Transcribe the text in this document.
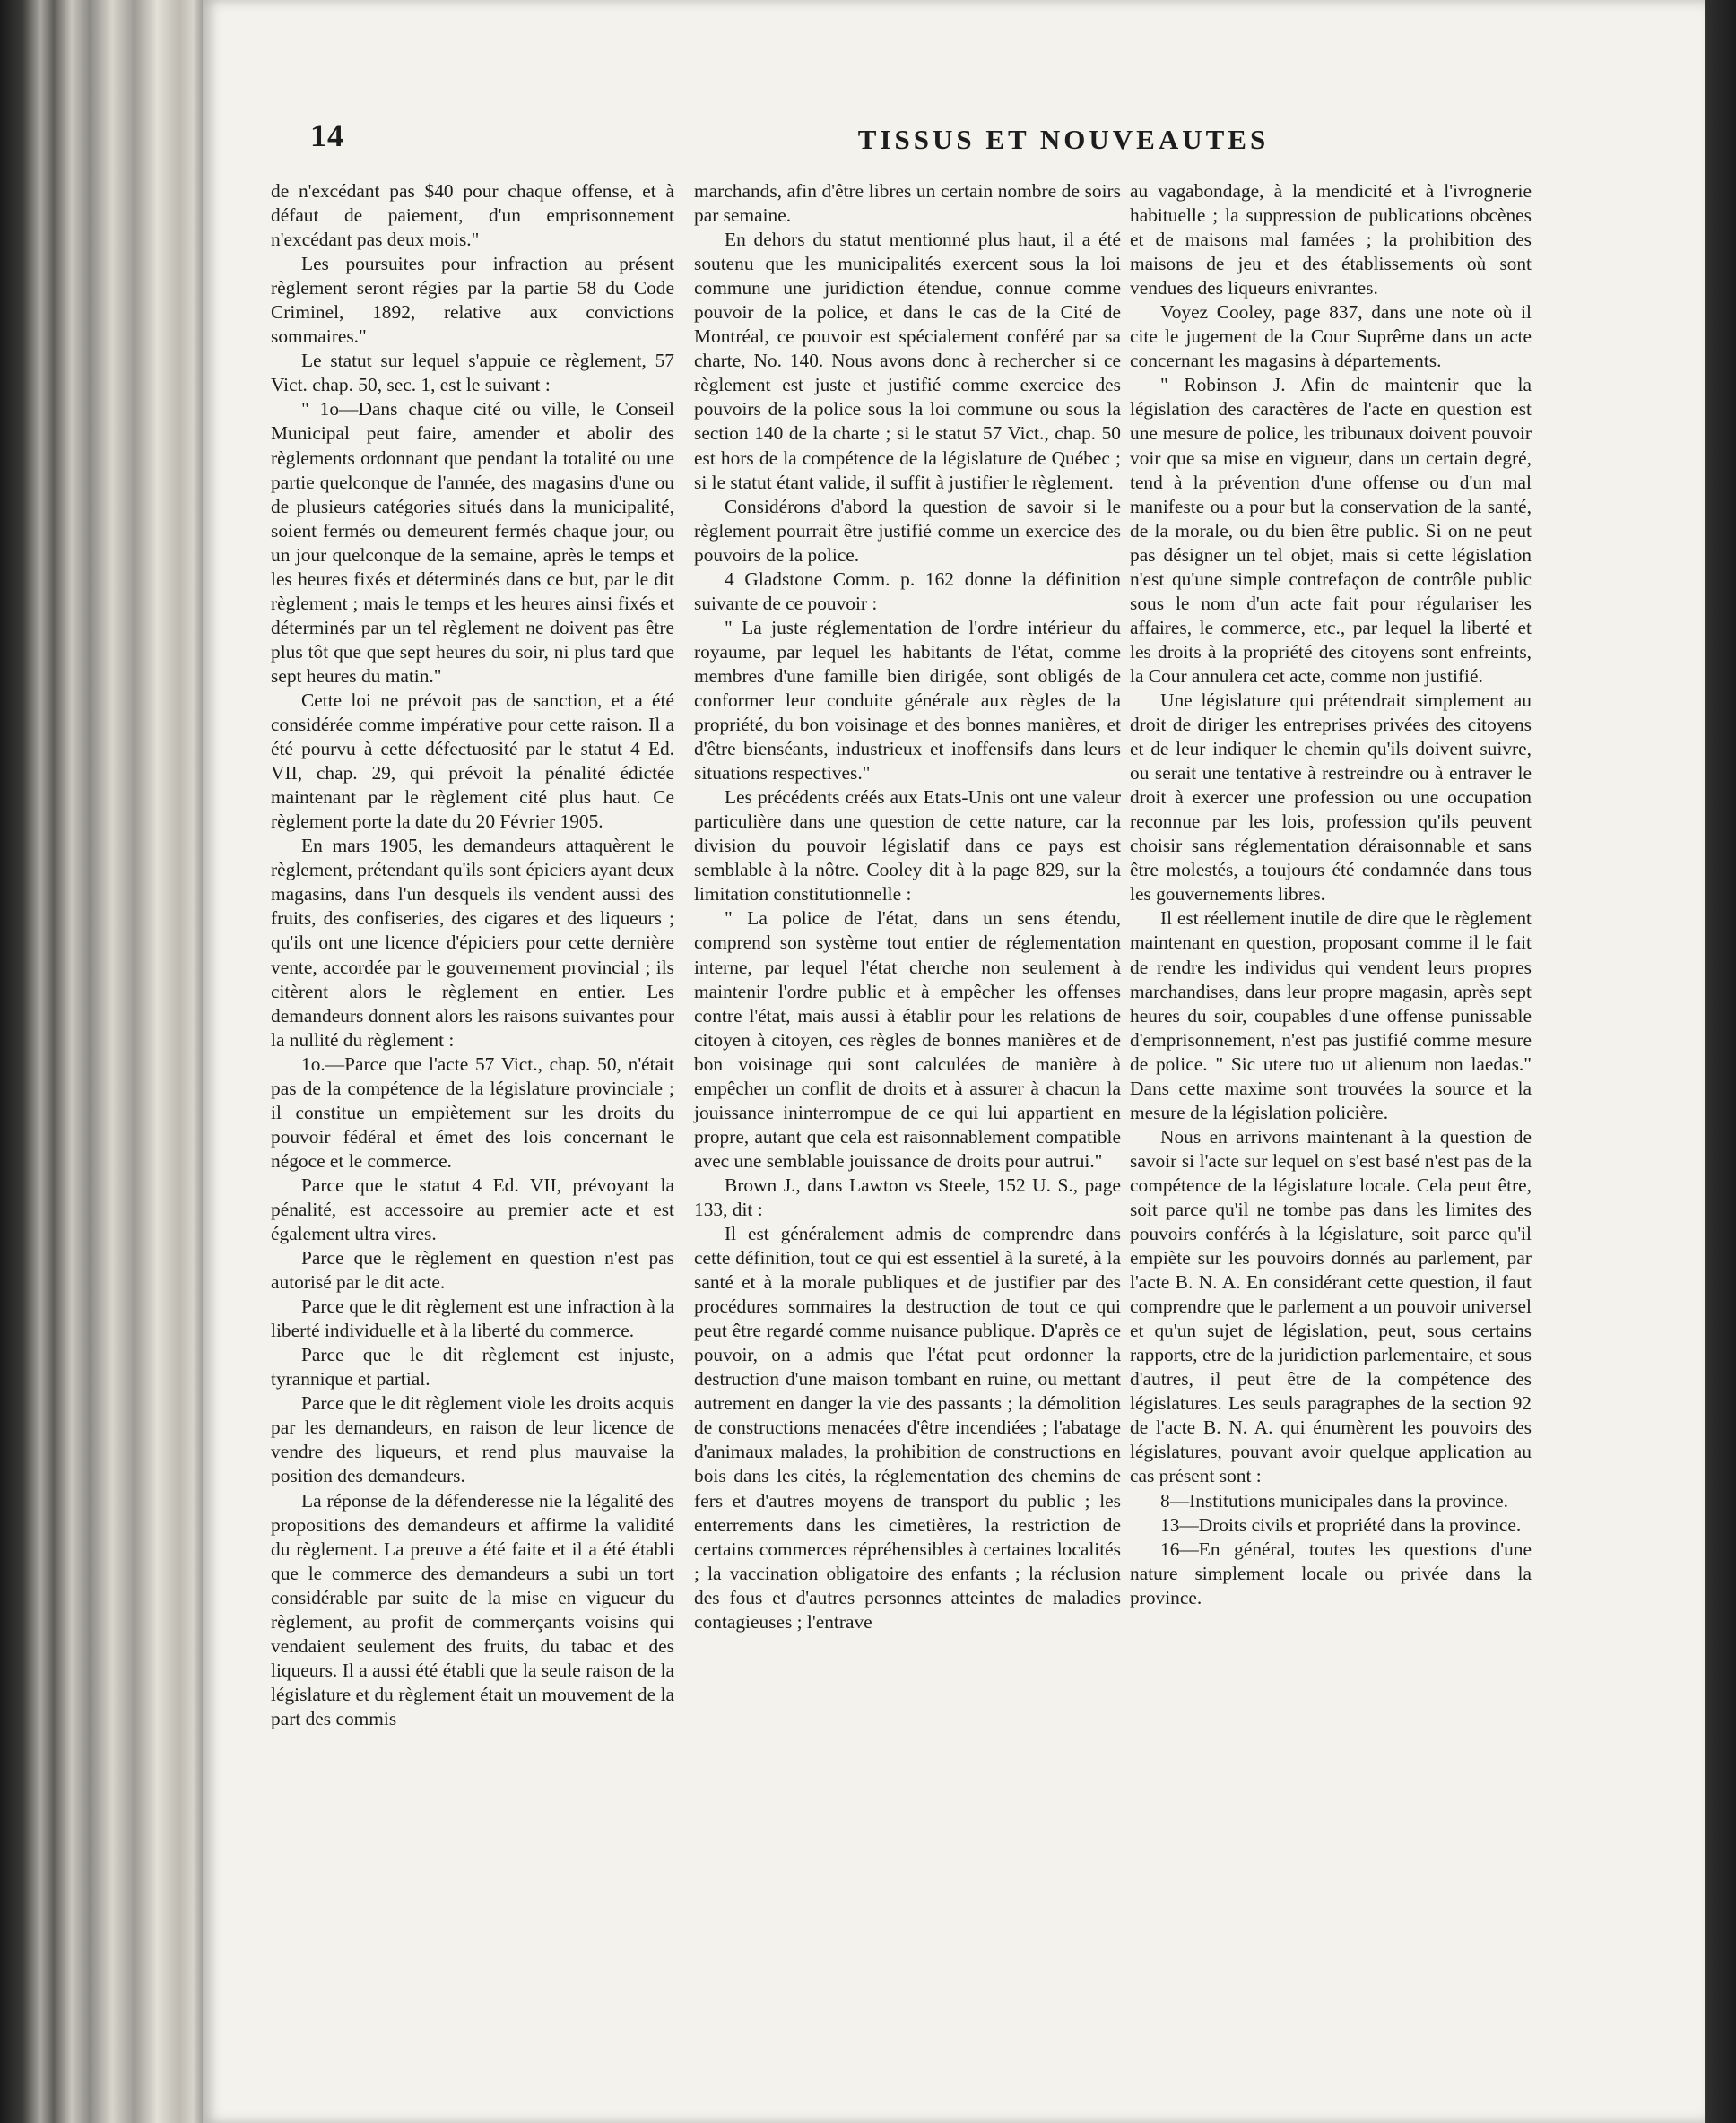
14	TISSUS ET NOUVEAUTES

de n'excédant pas $40 pour chaque offense, et à défaut de paiement, d'un emprisonnement n'excédant pas deux mois."

Les poursuites pour infraction au présent règlement seront régies par la partie 58 du Code Criminel, 1892, relative aux convictions sommaires."

Le statut sur lequel s'appuie ce règlement, 57 Vict. chap. 50, sec. 1, est le suivant :

" 1o—Dans chaque cité ou ville, le Conseil Municipal peut faire, amender et abolir des règlements ordonnant que pendant la totalité ou une partie quelconque de l'année, des magasins d'une ou de plusieurs catégories situés dans la municipalité, soient fermés ou demeurent fermés chaque jour, ou un jour quelconque de la semaine, après le temps et les heures fixés et déterminés dans ce but, par le dit règlement ; mais le temps et les heures ainsi fixés et déterminés par un tel règlement ne doivent pas être plus tôt que que sept heures du soir, ni plus tard que sept heures du matin."

Cette loi ne prévoit pas de sanction, et a été considérée comme impérative pour cette raison. Il a été pourvu à cette défectuosité par le statut 4 Ed. VII, chap. 29, qui prévoit la pénalité édictée maintenant par le règlement cité plus haut. Ce règlement porte la date du 20 Février 1905.

En mars 1905, les demandeurs attaquèrent le règlement, prétendant qu'ils sont épiciers ayant deux magasins, dans l'un desquels ils vendent aussi des fruits, des confiseries, des cigares et des liqueurs ; qu'ils ont une licence d'épiciers pour cette dernière vente, accordée par le gouvernement provincial ; ils citèrent alors le règlement en entier. Les demandeurs donnent alors les raisons suivantes pour la nullité du règlement :

1o.—Parce que l'acte 57 Vict., chap. 50, n'était pas de la compétence de la législature provinciale ; il constitue un empiètement sur les droits du pouvoir fédéral et émet des lois concernant le négoce et le commerce.

Parce que le statut 4 Ed. VII, prévoyant la pénalité, est accessoire au premier acte et est également ultra vires.

Parce que le règlement en question n'est pas autorisé par le dit acte.

Parce que le dit règlement est une infraction à la liberté individuelle et à la liberté du commerce.

Parce que le dit règlement est injuste, tyrannique et partial.

Parce que le dit règlement viole les droits acquis par les demandeurs, en raison de leur licence de vendre des liqueurs, et rend plus mauvaise la position des demandeurs.

La réponse de la défenderesse nie la légalité des propositions des demandeurs et affirme la validité du règlement. La preuve a été faite et il a été établi que le commerce des demandeurs a subi un tort considérable par suite de la mise en vigueur du règlement, au profit de commerçants voisins qui vendaient seulement des fruits, du tabac et des liqueurs. Il a aussi été établi que la seule raison de la législature et du règlement était un mouvement de la part des commis

marchands, afin d'être libres un certain nombre de soirs par semaine.

En dehors du statut mentionné plus haut, il a été soutenu que les municipalités exercent sous la loi commune une juridiction étendue, connue comme pouvoir de la police, et dans le cas de la Cité de Montréal, ce pouvoir est spécialement conféré par sa charte, No. 140. Nous avons donc à rechercher si ce règlement est juste et justifié comme exercice des pouvoirs de la police sous la loi commune ou sous la section 140 de la charte ; si le statut 57 Vict., chap. 50 est hors de la compétence de la législature de Québec ; si le statut étant valide, il suffit à justifier le règlement.

Considérons d'abord la question de savoir si le règlement pourrait être justifié comme un exercice des pouvoirs de la police.

4 Gladstone Comm. p. 162 donne la définition suivante de ce pouvoir :

" La juste réglementation de l'ordre intérieur du royaume, par lequel les habitants de l'état, comme membres d'une famille bien dirigée, sont obligés de conformer leur conduite générale aux règles de la propriété, du bon voisinage et des bonnes manières, et d'être bienséants, industrieux et inoffensifs dans leurs situations respectives."

Les précédents créés aux Etats-Unis ont une valeur particulière dans une question de cette nature, car la division du pouvoir législatif dans ce pays est semblable à la nôtre. Cooley dit à la page 829, sur la limitation constitutionnelle :

" La police de l'état, dans un sens étendu, comprend son système tout entier de réglementation interne, par lequel l'état cherche non seulement à maintenir l'ordre public et à empêcher les offenses contre l'état, mais aussi à établir pour les relations de citoyen à citoyen, ces règles de bonnes manières et de bon voisinage qui sont calculées de manière à empêcher un conflit de droits et à assurer à chacun la jouissance ininterrompue de ce qui lui appartient en propre, autant que cela est raisonnablement compatible avec une semblable jouissance de droits pour autrui."

Brown J., dans Lawton vs Steele, 152 U. S., page 133, dit :

Il est généralement admis de comprendre dans cette définition, tout ce qui est essentiel à la sureté, à la santé et à la morale publiques et de justifier par des procédures sommaires la destruction de tout ce qui peut être regardé comme nuisance publique. D'après ce pouvoir, on a admis que l'état peut ordonner la destruction d'une maison tombant en ruine, ou mettant autrement en danger la vie des passants ; la démolition de constructions menacées d'être incendiées ; l'abatage d'animaux malades, la prohibition de constructions en bois dans les cités, la réglementation des chemins de fers et d'autres moyens de transport du public ; les enterrements dans les cimetières, la restriction de certains commerces répréhensibles à certaines localités ; la vaccination obligatoire des enfants ; la réclusion des fous et d'autres personnes atteintes de maladies contagieuses ; l'entrave

au vagabondage, à la mendicité et à l'ivrognerie habituelle ; la suppression de publications obcènes et de maisons mal famées ; la prohibition des maisons de jeu et des établissements où sont vendues des liqueurs enivrantes.

Voyez Cooley, page 837, dans une note où il cite le jugement de la Cour Suprême dans un acte concernant les magasins à départements.

" Robinson J. Afin de maintenir que la législation des caractères de l'acte en question est une mesure de police, les tribunaux doivent pouvoir voir que sa mise en vigueur, dans un certain degré, tend à la prévention d'une offense ou d'un mal manifeste ou a pour but la conservation de la santé, de la morale, ou du bien être public. Si on ne peut pas désigner un tel objet, mais si cette législation n'est qu'une simple contrefaçon de contrôle public sous le nom d'un acte fait pour régulariser les affaires, le commerce, etc., par lequel la liberté et les droits à la propriété des citoyens sont enfreints, la Cour annulera cet acte, comme non justifié.

Une législature qui prétendrait simplement au droit de diriger les entreprises privées des citoyens et de leur indiquer le chemin qu'ils doivent suivre, ou serait une tentative à restreindre ou à entraver le droit à exercer une profession ou une occupation reconnue par les lois, profession qu'ils peuvent choisir sans réglementation déraisonnable et sans être molestés, a toujours été condamnée dans tous les gouvernements libres.

Il est réellement inutile de dire que le règlement maintenant en question, proposant comme il le fait de rendre les individus qui vendent leurs propres marchandises, dans leur propre magasin, après sept heures du soir, coupables d'une offense punissable d'emprisonnement, n'est pas justifié comme mesure de police. " Sic utere tuo ut alienum non laedas." Dans cette maxime sont trouvées la source et la mesure de la législation policière.

Nous en arrivons maintenant à la question de savoir si l'acte sur lequel on s'est basé n'est pas de la compétence de la législature locale. Cela peut être, soit parce qu'il ne tombe pas dans les limites des pouvoirs conférés à la législature, soit parce qu'il empiète sur les pouvoirs donnés au parlement, par l'acte B. N. A. En considérant cette question, il faut comprendre que le parlement a un pouvoir universel et qu'un sujet de législation, peut, sous certains rapports, etre de la juridiction parlementaire, et sous d'autres, il peut être de la compétence des législatures. Les seuls paragraphes de la section 92 de l'acte B. N. A. qui énumèrent les pouvoirs des législatures, pouvant avoir quelque application au cas présent sont :

8—Institutions municipales dans la province.

13—Droits civils et propriété dans la province.

16—En général, toutes les questions d'une nature simplement locale ou privée dans la province.
